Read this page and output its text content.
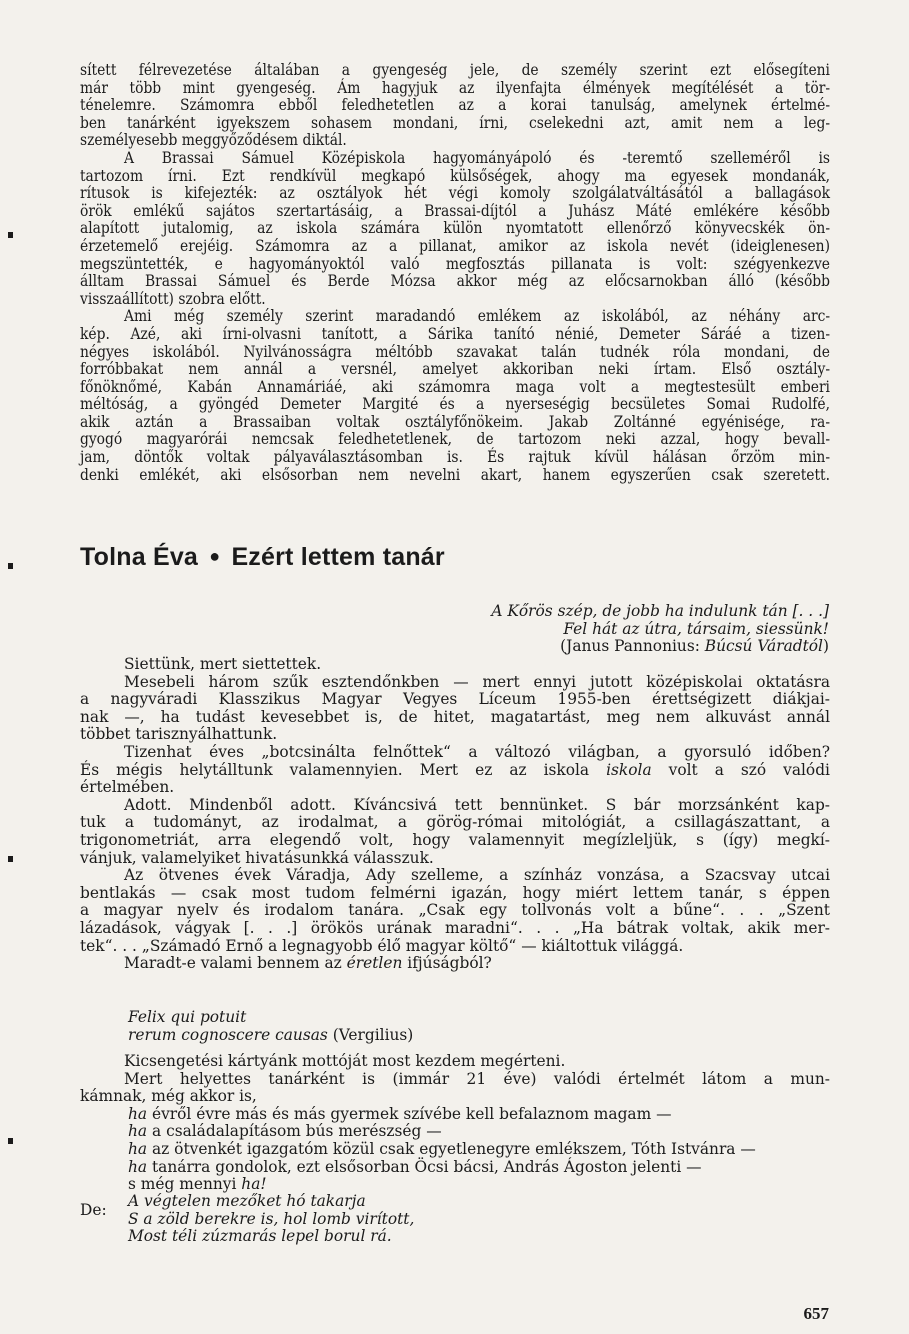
sített félrevezetése általában a gyengeség jele, de személy szerint ezt elősegíteni
már több mint gyengeség. Ám hagyjuk az ilyenfajta élmények megítélését a tör-
ténelemre. Számomra ebből feledhetetlen az a korai tanulság, amelynek értelmé-
ben tanárként igyekszem sohasem mondani, írni, cselekedni azt, amit nem a leg-
személyesebb meggyőződésem diktál.

A Brassai Sámuel Középiskola hagyományápoló és -teremtő szelleméről is
tartozom írni. Ezt rendkívül megkapó külsőségek, ahogy ma egyesek mondanák,
rítusok is kifejezték: az osztályok hét végi komoly szolgálatváltásától a ballagások
örök emlékű sajátos szertartásáig, a Brassai-díjtól a Juhász Máté emlékére később
alapított jutalomig, az iskola számára külön nyomtatott ellenőrző könyvecskék ön-
érzetemelő erejéig. Számomra az a pillanat, amikor az iskola nevét (ideiglenesen)
megszüntették, e hagyományoktól való megfosztás pillanata is volt: szégyenkezve
álltam Brassai Sámuel és Berde Mózsa akkor még az előcsarnokban álló (később
visszaállított) szobra előtt.

Ami még személy szerint maradandó emlékem az iskolából, az néhány arc-
kép. Azé, aki írni-olvasni tanított, a Sárika tanító nénié, Demeter Sáráé a tizen-
négyes iskolából. Nyilvánosságra méltóbb szavakat talán tudnék róla mondani, de
forróbbakat nem annál a versnél, amelyet akkoriban neki írtam. Első osztály-
főnöknőmé, Kabán Annamáriáé, aki számomra maga volt a megtestesült emberi
méltóság, a gyöngéd Demeter Margité és a nyerseségig becsületes Somai Rudolfé,
akik aztán a Brassaiban voltak osztályfőnökeim. Jakab Zoltánné egyénisége, ra-
gyogó magyarórái nemcsak feledhetetlenek, de tartozom neki azzal, hogy bevall-
jam, döntők voltak pályaválasztásomban is. És rajtuk kívül hálásan őrzöm min-
denki emlékét, aki elsősorban nem nevelni akart, hanem egyszerűen csak szeretett.

Tolna Éva ● Ezért lettem tanár
A Kőrös szép, de jobb ha indulunk tán [. . .]
Fel hát az útra, társaim, siessünk!
(Janus Pannonius: Búcsú Váradtól)
Siettünk, mert siettettek.
Mesebeli három szűk esztendőnkben — mert ennyi jutott középiskolai oktatásra
a nagyváradi Klasszikus Magyar Vegyes Líceum 1955-ben érettségizett diákjai-
nak —, ha tudást kevesebbet is, de hitet, magatartást, meg nem alkuvást annál
többet tarisznyálhattunk.
Tizenhat éves „botcsinálta felnőttek“ a változó világban, a gyorsuló időben?
És mégis helytálltunk valamennyien. Mert ez az iskola iskola volt a szó valódi
értelmében.
Adott. Mindenből adott. Kíváncsivá tett bennünket. S bár morzsánként kap-
tuk a tudományt, az irodalmat, a görög-római mitológiát, a csillagászattant, a
trigonometriát, arra elegendő volt, hogy valamennyit megízleljük, s (így) megkí-
vánjuk, valamelyiket hivatásunkká válasszuk.
Az ötvenes évek Váradja, Ady szelleme, a színház vonzása, a Szacsvay utcai
bentlakás — csak most tudom felmérni igazán, hogy miért lettem tanár, s éppen
a magyar nyelv és irodalom tanára. „Csak egy tollvonás volt a bűne“. . . „Szent
lázadások, vágyak [. . .] örökös urának maradni“. . . „Ha bátrak voltak, akik mer-
tek“. . . „Számadó Ernő a legnagyobb élő magyar költő“ — kiáltottuk világgá.
Maradt-e valami bennem az éretlen ifjúságból?
Felix qui potuit
rerum cognoscere causas (Vergilius)
Kicsengetési kártyánk mottóját most kezdem megérteni.
Mert helyettes tanárként is (immár 21 éve) valódi értelmét látom a mun-
kámnak, még akkor is,
ha évről évre más és más gyermek szívébe kell befalaznom magam —
ha a családalapításom bús merészség —
ha az ötvenkét igazgatóm közül csak egyetlenegyre emlékszem, Tóth Istvánra —
ha tanárra gondolok, ezt elsősorban Öcsi bácsi, András Ágoston jelenti —
s még mennyi ha!
De:	A végtelen mezőket hó takarja
S a zöld berekre is, hol lomb virított,
Most téli zúzmarás lepel borul rá.
657
